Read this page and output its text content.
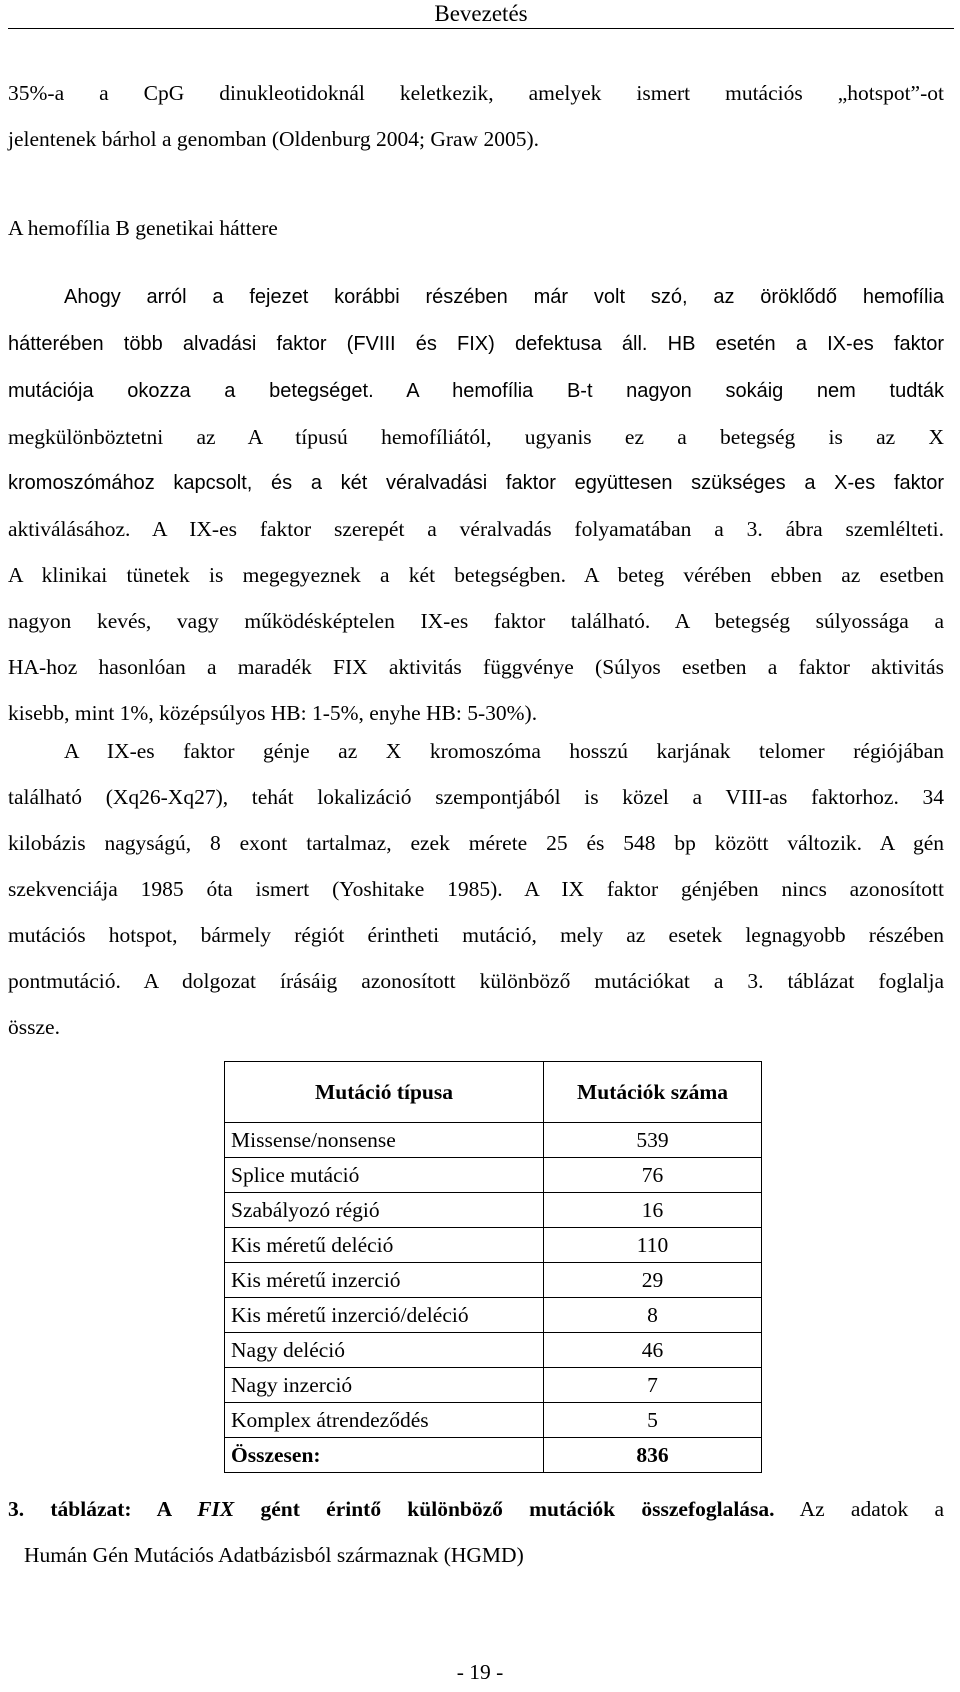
Bevezetés
35%-a a CpG dinukleotidoknál keletkezik, amelyek ismert mutációs „hotspot”-ot
jelentenek bárhol a genomban (Oldenburg 2004; Graw 2005).
A hemofília B genetikai háttere
Ahogy arról a fejezet korábbi részében már volt szó, az öröklődő hemofília
hátterében több alvadási faktor (FVIII és FIX) defektusa áll. HB esetén a IX-es faktor
mutációja okozza a betegséget. A hemofília B-t nagyon sokáig nem tudták
megkülönböztetni az A típusú hemofíliától, ugyanis ez a betegség is az X
kromoszómához kapcsolt, és a két véralvadási faktor együttesen szükséges a X-es faktor
aktiválásához. A IX-es faktor szerepét a véralvadás folyamatában a 3. ábra szemlélteti.
A klinikai tünetek is megegyeznek a két betegségben. A beteg vérében ebben az esetben
nagyon kevés, vagy működésképtelen IX-es faktor található. A betegség súlyossága a
HA-hoz hasonlóan a maradék FIX aktivitás függvénye (Súlyos esetben a faktor aktivitás
kisebb, mint 1%, középsúlyos HB: 1-5%, enyhe HB: 5-30%).
A IX-es faktor génje az X kromoszóma hosszú karjának telomer régiójában
található (Xq26-Xq27), tehát lokalizáció szempontjából is közel a VIII-as faktorhoz. 34
kilobázis nagyságú, 8 exont tartalmaz, ezek mérete 25 és 548 bp között változik. A gén
szekvenciája 1985 óta ismert (Yoshitake 1985). A IX faktor génjében nincs azonosított
mutációs hotspot, bármely régiót érintheti mutáció, mely az esetek legnagyobb részében
pontmutáció. A dolgozat írásáig azonosított különböző mutációkat a 3. táblázat foglalja
össze.
Mutáció típusa	Mutációk száma
Missense/nonsense	539
Splice mutáció	76
Szabályozó régió	16
Kis méretű deléció	110
Kis méretű inzerció	29
Kis méretű inzerció/deléció	8
Nagy deléció	46
Nagy inzerció	7
Komplex átrendeződés	5
Összesen:	836
3. táblázat: A FIX gént érintő különböző mutációk összefoglalása. Az adatok a
Humán Gén Mutációs Adatbázisból származnak (HGMD)
- 19 -
